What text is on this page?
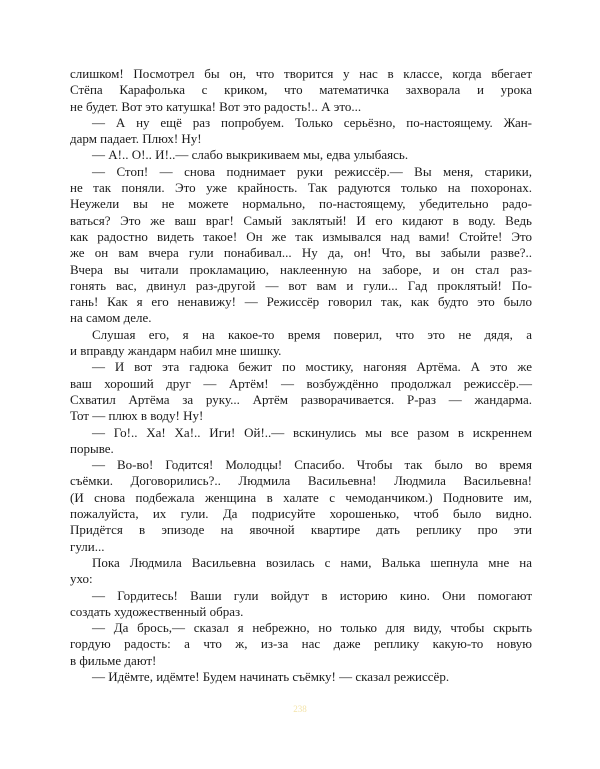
слишком! Посмотрел бы он, что творится у нас в классе, когда вбегает
Стёпа Карафолька с криком, что математичка захворала и урока
не будет. Вот это катушка! Вот это радость!.. А это...
— А ну ещё раз попробуем. Только серьёзно, по-настоящему. Жан-
дарм падает. Плюх! Ну!
— А!.. О!.. И!..— слабо выкрикиваем мы, едва улыбаясь.
— Стоп! — снова поднимает руки режиссёр.— Вы меня, старики,
не так поняли. Это уже крайность. Так радуются только на похоронах.
Неужели вы не можете нормально, по-настоящему, убедительно радо-
ваться? Это же ваш враг! Самый заклятый! И его кидают в воду. Ведь
как радостно видеть такое! Он же так измывался над вами! Стойте! Это
же он вам вчера гули понабивал... Ну да, он! Что, вы забыли разве?..
Вчера вы читали прокламацию, наклеенную на заборе, и он стал раз-
гонять вас, двинул раз-другой — вот вам и гули... Гад проклятый! По-
гань! Как я его ненавижу! — Режиссёр говорил так, как будто это было
на самом деле.
Слушая его, я на какое-то время поверил, что это не дядя, а
и вправду жандарм набил мне шишку.
— И вот эта гадюка бежит по мостику, нагоняя Артёма. А это же
ваш хороший друг — Артём! — возбуждённо продолжал режиссёр.—
Схватил Артёма за руку... Артём разворачивается. Р-раз — жандарма.
Тот — плюх в воду! Ну!
— Го!.. Ха! Ха!.. Иги! Ой!..— вскинулись мы все разом в искреннем
порыве.
— Во-во! Годится! Молодцы! Спасибо. Чтобы так было во время
съёмки. Договорились?.. Людмила Васильевна! Людмила Васильевна!
(И снова подбежала женщина в халате с чемоданчиком.) Подновите им,
пожалуйста, их гули. Да подрисуйте хорошенько, чтоб было видно.
Придётся в эпизоде на явочной квартире дать реплику про эти
гули...
Пока Людмила Васильевна возилась с нами, Валька шепнула мне на
ухо:
— Гордитесь! Ваши гули войдут в историю кино. Они помогают
создать художественный образ.
— Да брось,— сказал я небрежно, но только для виду, чтобы скрыть
гордую радость: а что ж, из-за нас даже реплику какую-то новую
в фильме дают!
— Идёмте, идёмте! Будем начинать съёмку! — сказал режиссёр.
238
